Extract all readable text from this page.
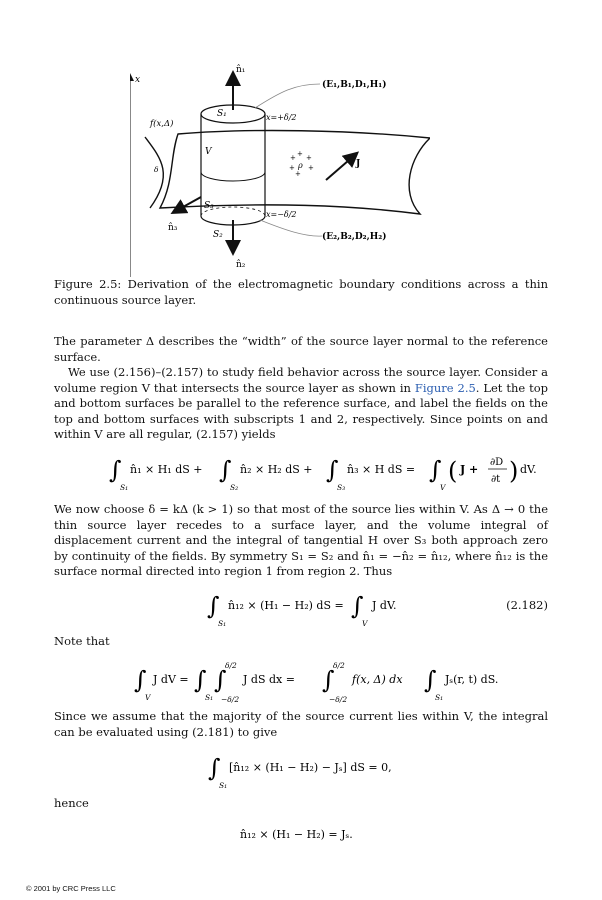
x
f(x,Δ)
δ
n̂₁
n̂₂
n̂₃
S₁
S₂
S₃
V
x=+δ/2
x=−δ/2
+ + +
+ +
+
ρ	J
(E₁,B₁,D₁,H₁)
(E₂,B₂,D₂,H₂)
Figure 2.5: Derivation of the electromagnetic boundary conditions across a thin continuous source layer.
The parameter Δ describes the “width” of the source layer normal to the reference surface.
We use (2.156)–(2.157) to study field behavior across the source layer. Consider a volume region V that intersects the source layer as shown in Figure 2.5. Let the top and bottom surfaces be parallel to the reference surface, and label the fields on the top and bottom surfaces with subscripts 1 and 2, respectively. Since points on and within V are all regular, (2.157) yields
∫
S₁
n̂₁ × H₁ dS + ∫
S₂
n̂₂ × H₂ dS + ∫
S₃
n̂₃ × H dS = ∫
V
( J +
∂D
∂t ) dV.
We now choose δ = kΔ (k > 1) so that most of the source lies within V. As Δ → 0 the thin source layer recedes to a surface layer, and the volume integral of displacement current and the integral of tangential H over S₃ both approach zero by continuity of the fields. By symmetry S₁ = S₂ and n̂₁ = −n̂₂ = n̂₁₂, where n̂₁₂ is the surface normal directed into region 1 from region 2. Thus
∫
S₁
n̂₁₂ × (H₁ − H₂) dS = ∫
V
J dV.	(2.182)
Note that
∫
V
J dV = ∫
S₁
∫
δ/2
−δ/2
J dS dx = ∫
δ/2
−δ/2
f(x, Δ) dx ∫
S₁
Jₛ(r, t) dS.
Since we assume that the majority of the source current lies within V, the integral can be evaluated using (2.181) to give
∫
S₁
[n̂₁₂ × (H₁ − H₂) − Jₛ] dS = 0,
hence
n̂₁₂ × (H₁ − H₂) = Jₛ.
© 2001 by CRC Press LLC
